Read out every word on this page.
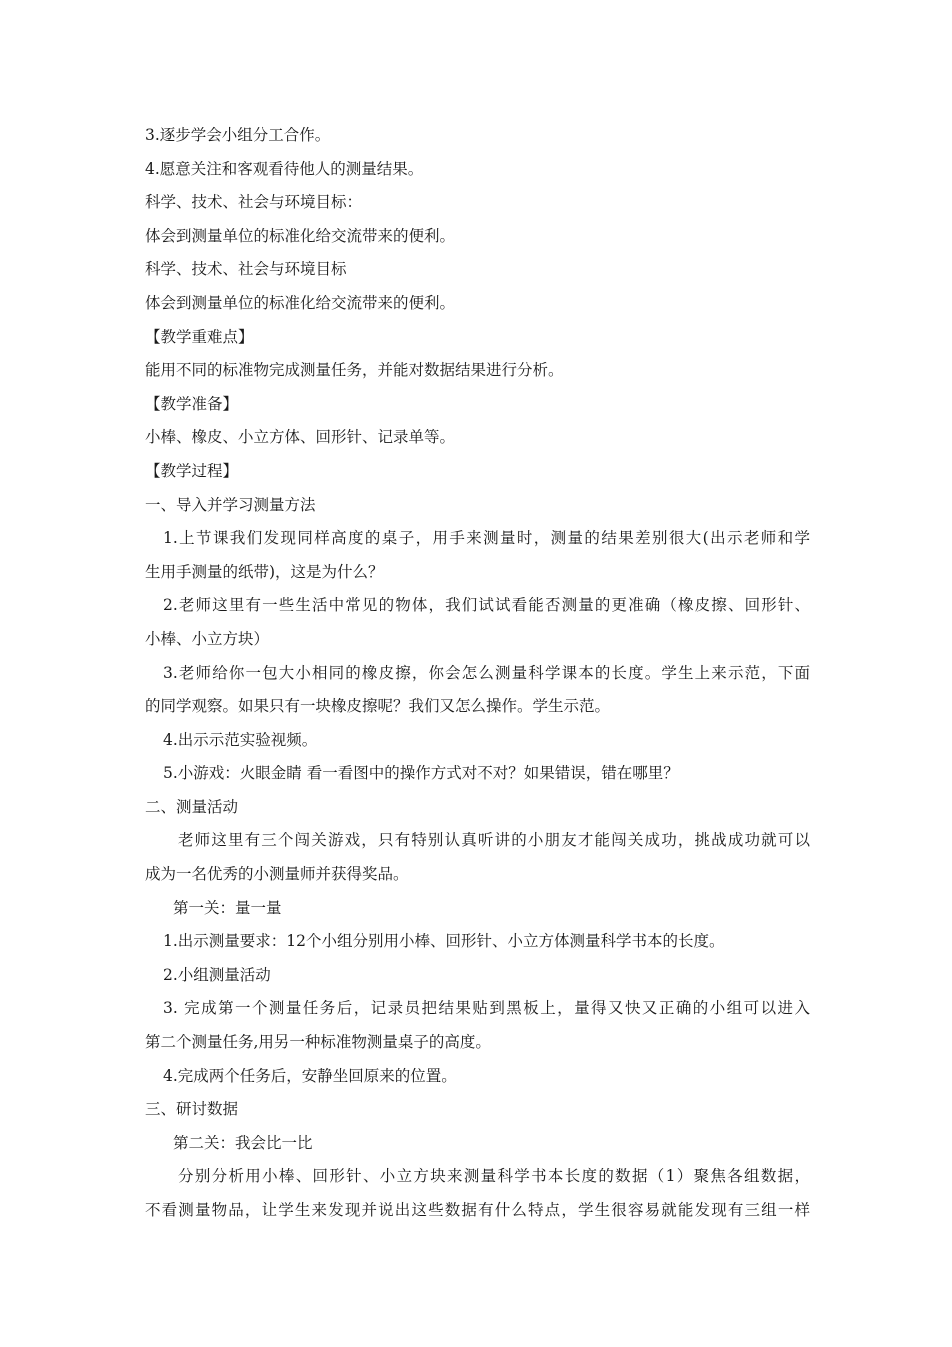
3.逐步学会小组分工合作。

4.愿意关注和客观看待他人的测量结果。

科学、技术、社会与环境目标：

体会到测量单位的标准化给交流带来的便利。

科学、技术、社会与环境目标

体会到测量单位的标准化给交流带来的便利。

【教学重难点】

能用不同的标准物完成测量任务，并能对数据结果进行分析。

【教学准备】

小棒、橡皮、小立方体、回形针、记录单等。

【教学过程】

一、导入并学习测量方法

1.上节课我们发现同样高度的桌子，用手来测量时，测量的结果差别很大(出示老师和学

生用手测量的纸带)，这是为什么？

2.老师这里有一些生活中常见的物体，我们试试看能否测量的更准确（橡皮擦、回形针、

小棒、小立方块）

3.老师给你一包大小相同的橡皮擦，你会怎么测量科学课本的长度。学生上来示范，下面

的同学观察。如果只有一块橡皮擦呢？我们又怎么操作。学生示范。

4.出示示范实验视频。

5.小游戏：火眼金睛 看一看图中的操作方式对不对？如果错误，错在哪里？

二、测量活动

老师这里有三个闯关游戏，只有特别认真听讲的小朋友才能闯关成功，挑战成功就可以

成为一名优秀的小测量师并获得奖品。

第一关：量一量

1.出示测量要求：12个小组分别用小棒、回形针、小立方体测量科学书本的长度。

2.小组测量活动

3. 完成第一个测量任务后，记录员把结果贴到黑板上，量得又快又正确的小组可以进入

第二个测量任务,用另一种标准物测量桌子的高度。

4.完成两个任务后，安静坐回原来的位置。

三、研讨数据

第二关：我会比一比

分别分析用小棒、回形针、小立方块来测量科学书本长度的数据（1）聚焦各组数据，

不看测量物品，让学生来发现并说出这些数据有什么特点，学生很容易就能发现有三组一样
